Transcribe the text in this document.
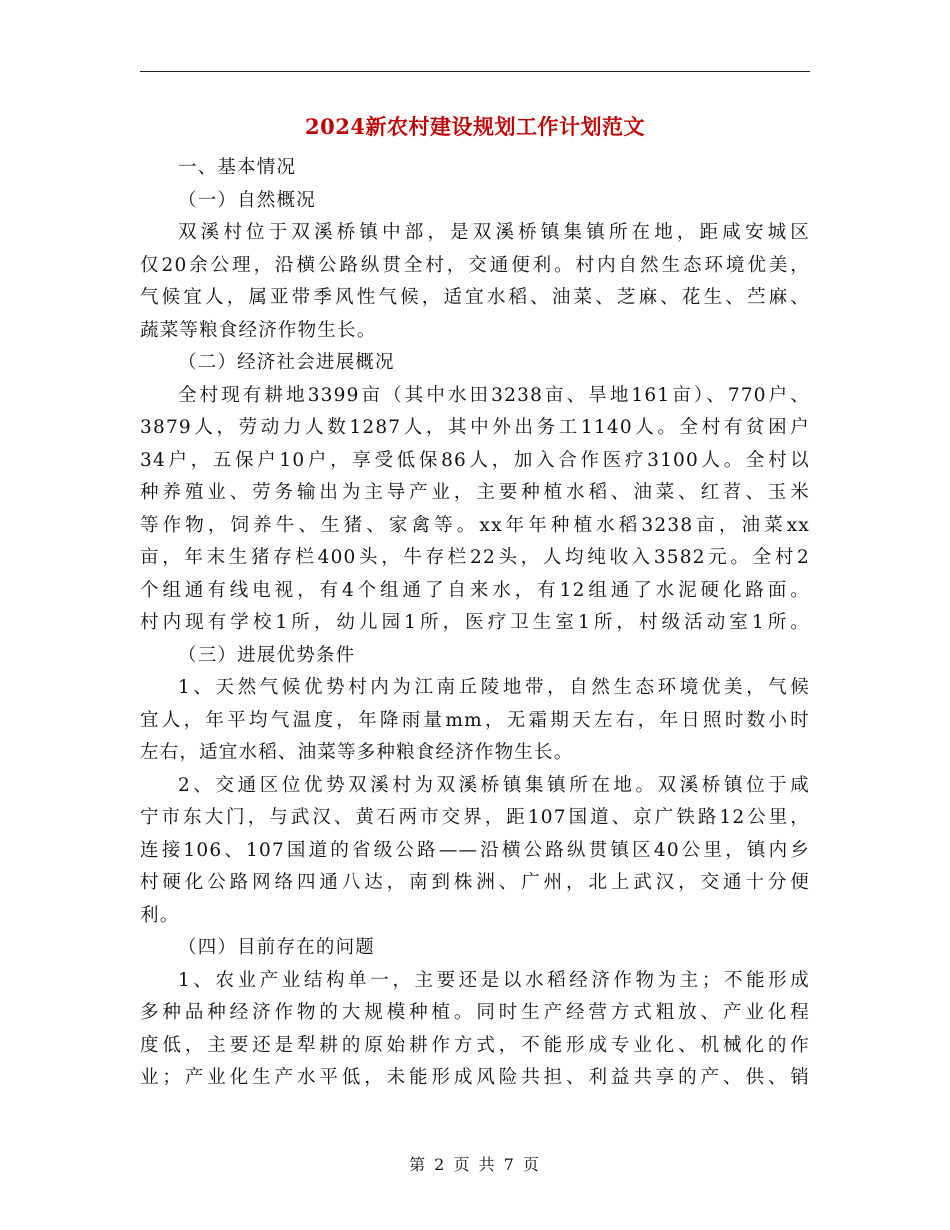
2024新农村建设规划工作计划范文
一、基本情况
（一）自然概况
双溪村位于双溪桥镇中部，是双溪桥镇集镇所在地，距咸安城区
仅20余公理，沿横公路纵贯全村，交通便利。村内自然生态环境优美，
气候宜人，属亚带季风性气候，适宜水稻、油菜、芝麻、花生、苎麻、
蔬菜等粮食经济作物生长。
（二）经济社会进展概况
全村现有耕地3399亩（其中水田3238亩、旱地161亩）、770户、
3879人，劳动力人数1287人，其中外出务工1140人。全村有贫困户
34户，五保户10户，享受低保86人，加入合作医疗3100人。全村以
种养殖业、劳务输出为主导产业，主要种植水稻、油菜、红苕、玉米
等作物，饲养牛、生猪、家禽等。xx年年种植水稻3238亩，油菜xx
亩，年末生猪存栏400头，牛存栏22头，人均纯收入3582元。全村2
个组通有线电视，有4个组通了自来水，有12组通了水泥硬化路面。
村内现有学校1所，幼儿园1所，医疗卫生室1所，村级活动室1所。
（三）进展优势条件
1、天然气候优势村内为江南丘陵地带，自然生态环境优美，气候
宜人，年平均气温度，年降雨量mm，无霜期天左右，年日照时数小时
左右，适宜水稻、油菜等多种粮食经济作物生长。
2、交通区位优势双溪村为双溪桥镇集镇所在地。双溪桥镇位于咸
宁市东大门，与武汉、黄石两市交界，距107国道、京广铁路12公里，
连接106、107国道的省级公路——沿横公路纵贯镇区40公里，镇内乡
村硬化公路网络四通八达，南到株洲、广州，北上武汉，交通十分便
利。
（四）目前存在的问题
1、农业产业结构单一，主要还是以水稻经济作物为主；不能形成
多种品种经济作物的大规模种植。同时生产经营方式粗放、产业化程
度低，主要还是犁耕的原始耕作方式，不能形成专业化、机械化的作
业；产业化生产水平低，未能形成风险共担、利益共享的产、供、销
第 2 页 共 7 页
